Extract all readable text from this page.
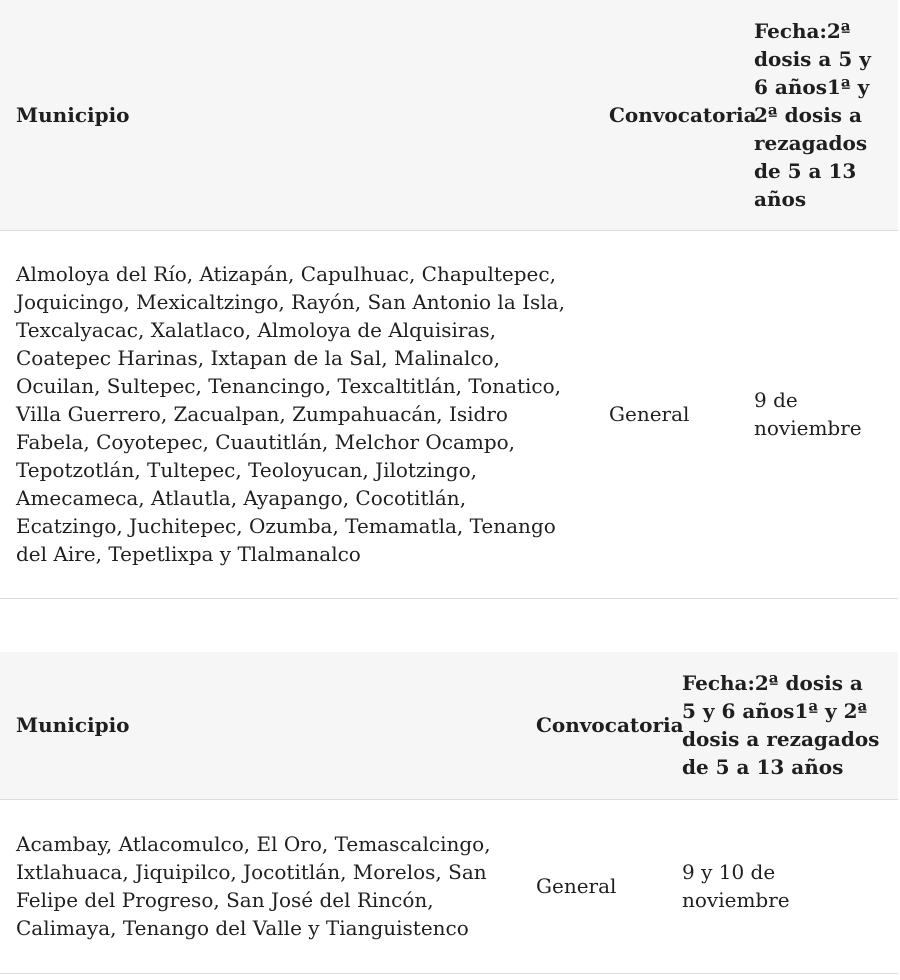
Municipio	Convocatoria	Fecha:2ª dosis a 5 y 6 años1ª y 2ª dosis a rezagados de 5 a 13 años
Almoloya del Río, Atizapán, Capulhuac, Chapultepec, Joquicingo, Mexicaltzingo, Rayón, San Antonio la Isla, Texcalyacac, Xalatlaco, Almoloya de Alquisiras, Coatepec Harinas, Ixtapan de la Sal, Malinalco, Ocuilan, Sultepec, Tenancingo, Texcaltitlán, Tonatico, Villa Guerrero, Zacualpan, Zumpahuacán, Isidro Fabela, Coyotepec, Cuautitlán, Melchor Ocampo, Tepotzotlán, Tultepec, Teoloyucan, Jilotzingo, Amecameca, Atlautla, Ayapango, Cocotitlán, Ecatzingo, Juchitepec, Ozumba, Temamatla, Tenango del Aire, Tepetlixpa y Tlalmanalco	General	9 de noviembre
Municipio	Convocatoria	Fecha:2ª dosis a 5 y 6 años1ª y 2ª dosis a rezagados de 5 a 13 años
Acambay, Atlacomulco, El Oro, Temascalcingo, Ixtlahuaca, Jiquipilco, Jocotitlán, Morelos, San Felipe del Progreso, San José del Rincón, Calimaya, Tenango del Valle y Tianguistenco	General	9 y 10 de noviembre
